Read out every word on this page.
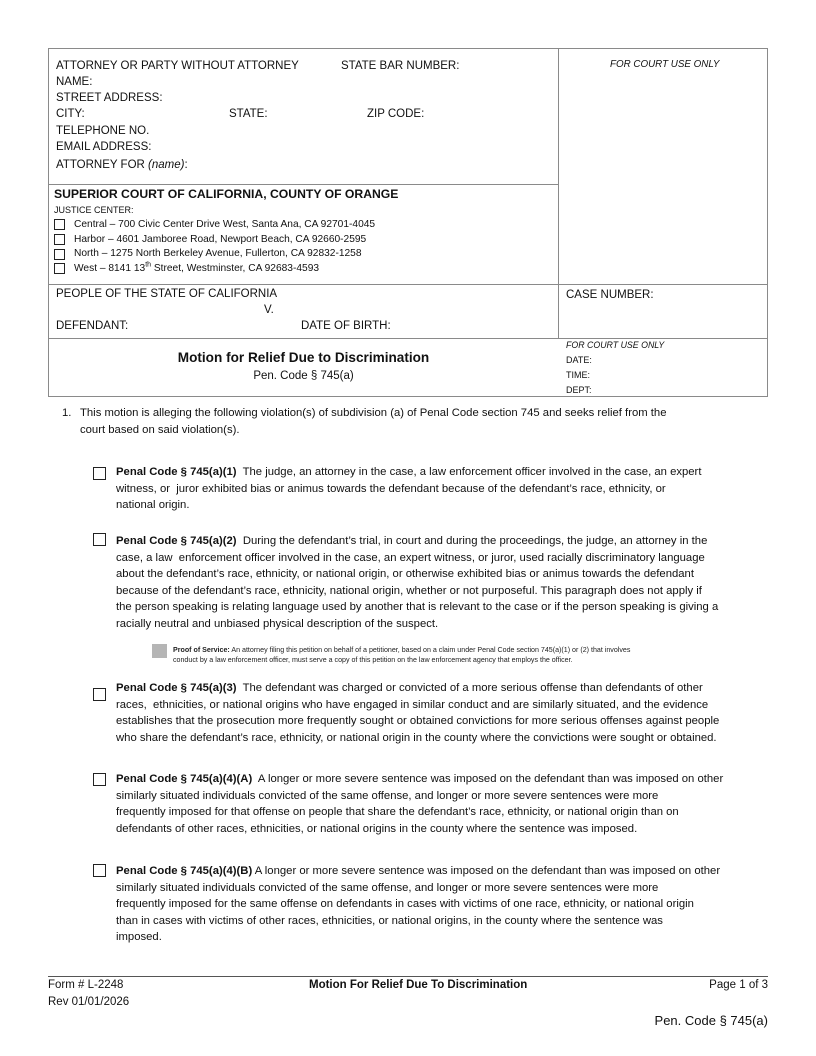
ATTORNEY OR PARTY WITHOUT ATTORNEY	STATE BAR NUMBER:
NAME:
STREET ADDRESS:
CITY:	STATE:	ZIP CODE:
TELEPHONE NO.
EMAIL ADDRESS:
ATTORNEY FOR (name):
FOR COURT USE ONLY
SUPERIOR COURT OF CALIFORNIA, COUNTY OF ORANGE
JUSTICE CENTER:
Central – 700 Civic Center Drive West, Santa Ana, CA 92701-4045
Harbor – 4601 Jamboree Road, Newport Beach, CA 92660-2595
North – 1275 North Berkeley Avenue, Fullerton, CA 92832-1258
West – 8141 13th Street, Westminster, CA 92683-4593
PEOPLE OF THE STATE OF CALIFORNIA
V.
DEFENDANT:	DATE OF BIRTH:
CASE NUMBER:
Motion for Relief Due to Discrimination
Pen. Code § 745(a)
FOR COURT USE ONLY
DATE:
TIME:
DEPT:
1. This motion is alleging the following violation(s) of subdivision (a) of Penal Code section 745 and seeks relief from the
court based on said violation(s).
Penal Code § 745(a)(1)  The judge, an attorney in the case, a law enforcement officer involved in the case, an expert
witness, or  juror exhibited bias or animus towards the defendant because of the defendant’s race, ethnicity, or
national origin.
Penal Code § 745(a)(2)  During the defendant’s trial, in court and during the proceedings, the judge, an attorney in the
case, a law  enforcement officer involved in the case, an expert witness, or juror, used racially discriminatory language
about the defendant’s race, ethnicity, or national origin, or otherwise exhibited bias or animus towards the defendant
because of the defendant’s race, ethnicity, national origin, whether or not purposeful. This paragraph does not apply if
the person speaking is relating language used by another that is relevant to the case or if the person speaking is giving a
racially neutral and unbiased physical description of the suspect.
Proof of Service: An attorney filing this petition on behalf of a petitioner, based on a claim under Penal Code section 745(a)(1) or (2) that involves
conduct by a law enforcement officer, must serve a copy of this petition on the law enforcement agency that employs the officer.
Penal Code § 745(a)(3)  The defendant was charged or convicted of a more serious offense than defendants of other
races,  ethnicities, or national origins who have engaged in similar conduct and are similarly situated, and the evidence
establishes that the prosecution more frequently sought or obtained convictions for more serious offenses against people
who share the defendant’s race, ethnicity, or national origin in the county where the convictions were sought or obtained.
Penal Code § 745(a)(4)(A)  A longer or more severe sentence was imposed on the defendant than was imposed on other
similarly situated individuals convicted of the same offense, and longer or more severe sentences were more
frequently imposed for that offense on people that share the defendant’s race, ethnicity, or national origin than on
defendants of other races, ethnicities, or national origins in the county where the sentence was imposed.
Penal Code § 745(a)(4)(B) A longer or more severe sentence was imposed on the defendant than was imposed on other
similarly situated individuals convicted of the same offense, and longer or more severe sentences were more
frequently imposed for the same offense on defendants in cases with victims of one race, ethnicity, or national origin
than in cases with victims of other races, ethnicities, or national origins, in the county where the sentence was
imposed.
Form # L-2248
Rev 01/01/2026
Motion For Relief Due To Discrimination	Page 1 of 3
Pen. Code § 745(a)
